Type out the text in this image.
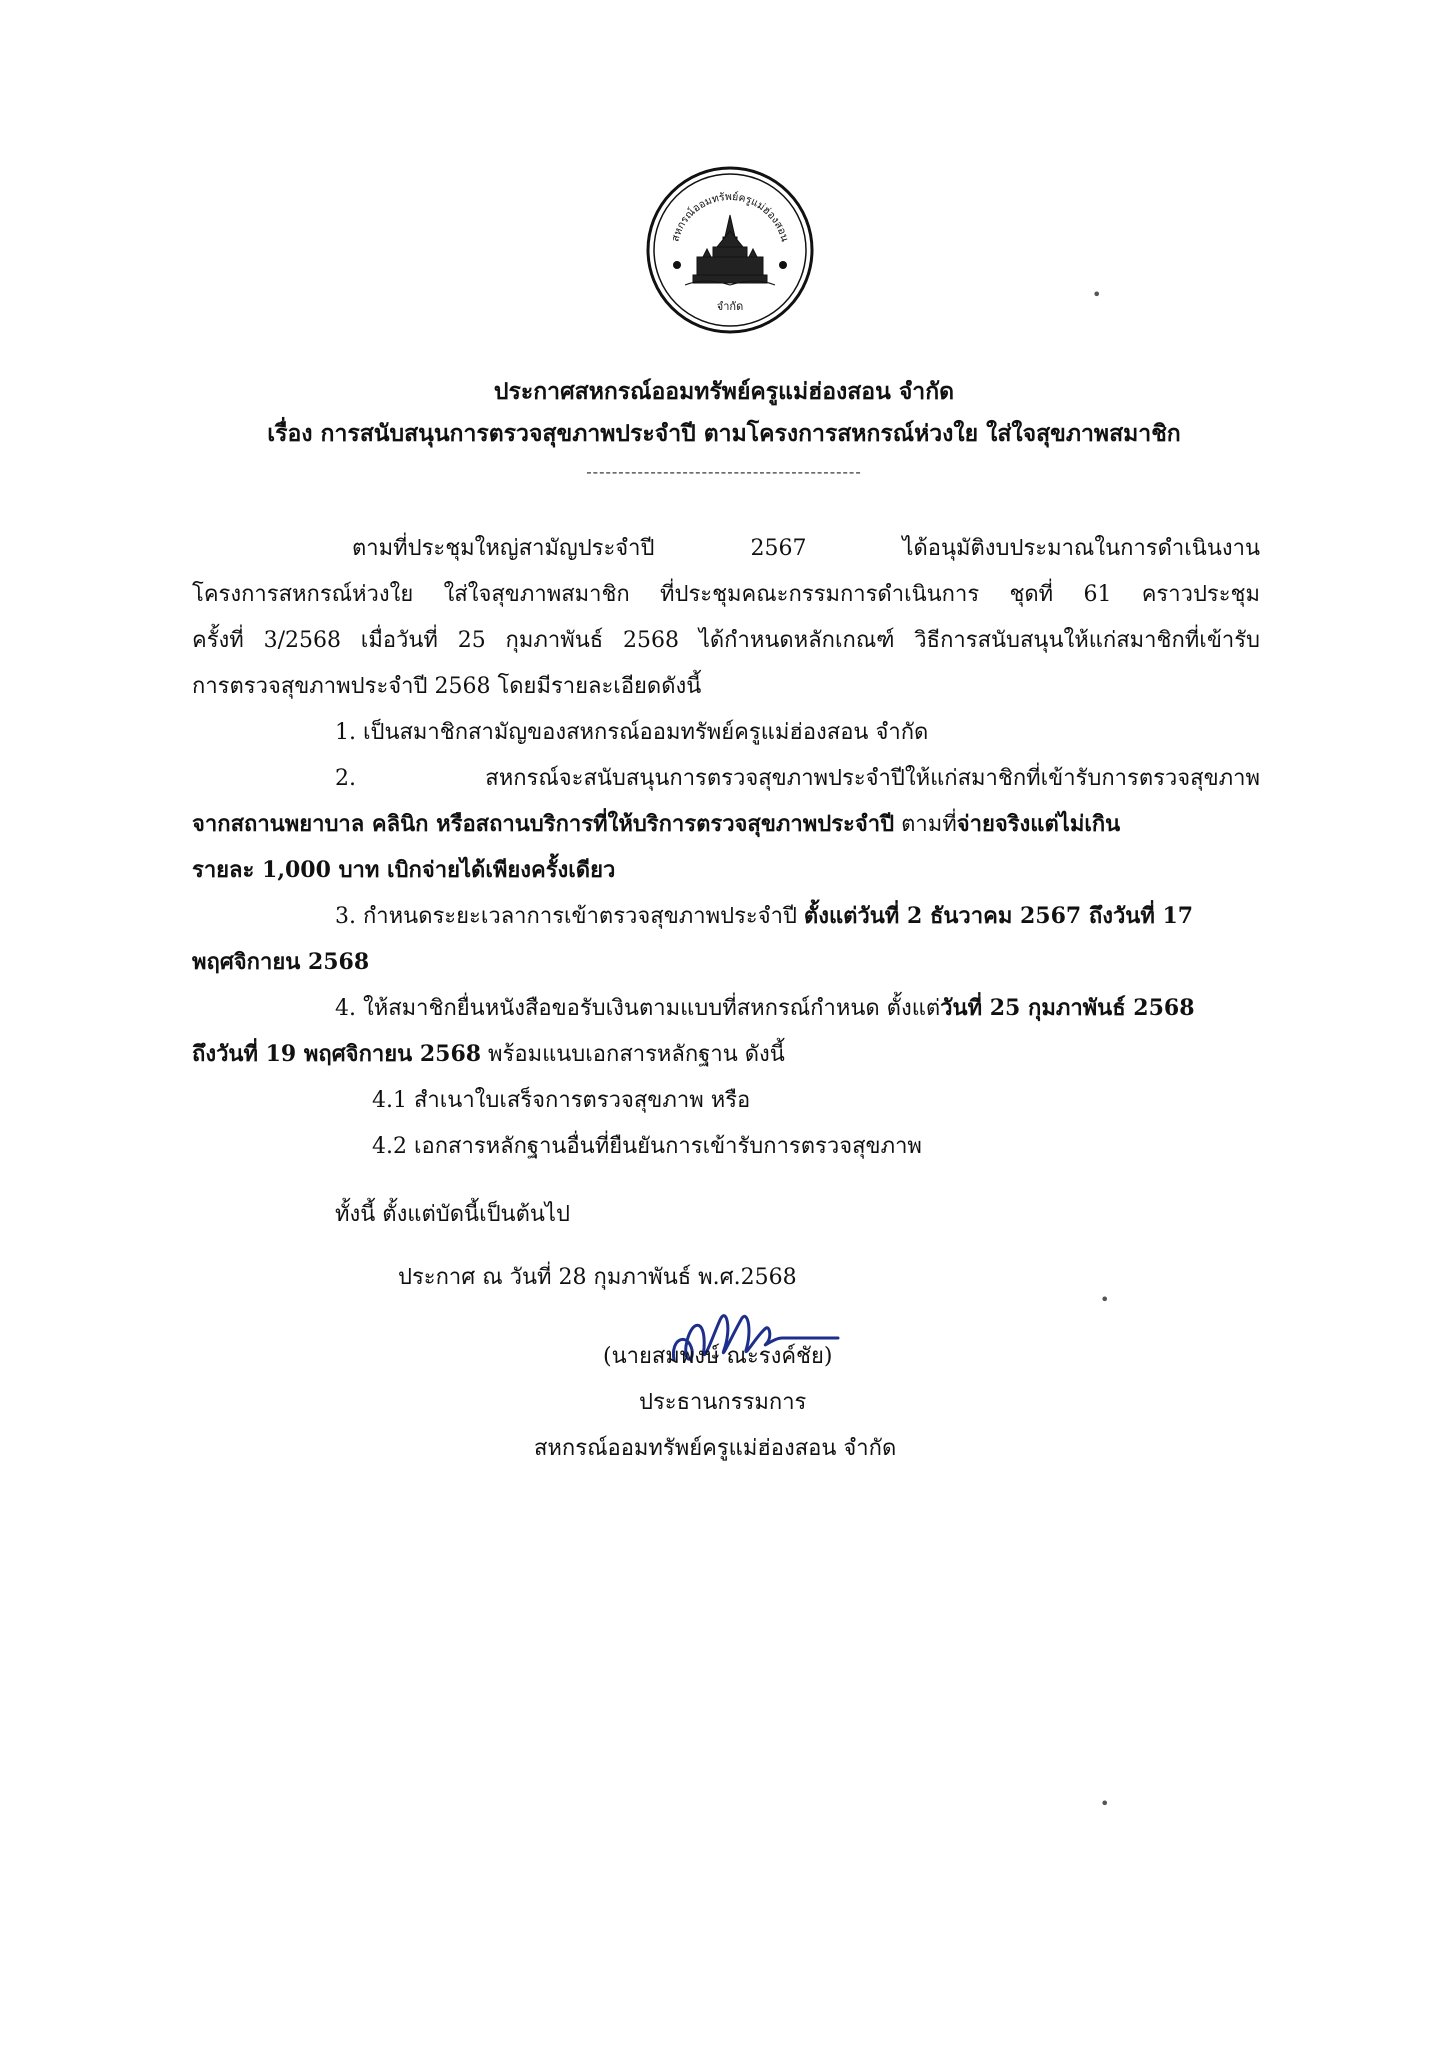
สหกรณ์ออมทรัพย์ครูแม่ฮ่องสอน
จำกัด
ประกาศสหกรณ์ออมทรัพย์ครูแม่ฮ่องสอน จำกัด
เรื่อง การสนับสนุนการตรวจสุขภาพประจำปี ตามโครงการสหกรณ์ห่วงใย ใส่ใจสุขภาพสมาชิก
-------------------------------------------
ตามที่ประชุมใหญ่สามัญประจำปี 2567 ได้อนุมัติงบประมาณในการดำเนินงาน
โครงการสหกรณ์ห่วงใย ใส่ใจสุขภาพสมาชิก ที่ประชุมคณะกรรมการดำเนินการ ชุดที่ 61 คราวประชุม
ครั้งที่ 3/2568 เมื่อวันที่ 25 กุมภาพันธ์ 2568 ได้กำหนดหลักเกณฑ์ วิธีการสนับสนุนให้แก่สมาชิกที่เข้ารับ
การตรวจสุขภาพประจำปี 2568 โดยมีรายละเอียดดังนี้
1. เป็นสมาชิกสามัญของสหกรณ์ออมทรัพย์ครูแม่ฮ่องสอน จำกัด
2. สหกรณ์จะสนับสนุนการตรวจสุขภาพประจำปีให้แก่สมาชิกที่เข้ารับการตรวจสุขภาพ
จากสถานพยาบาล คลินิก หรือสถานบริการที่ให้บริการตรวจสุขภาพประจำปี ตามที่จ่ายจริงแต่ไม่เกิน
รายละ 1,000 บาท เบิกจ่ายได้เพียงครั้งเดียว
3. กำหนดระยะเวลาการเข้าตรวจสุขภาพประจำปี ตั้งแต่วันที่ 2 ธันวาคม 2567 ถึงวันที่ 17
พฤศจิกายน 2568
4. ให้สมาชิกยื่นหนังสือขอรับเงินตามแบบที่สหกรณ์กำหนด ตั้งแต่วันที่ 25 กุมภาพันธ์ 2568
ถึงวันที่ 19 พฤศจิกายน 2568 พร้อมแนบเอกสารหลักฐาน ดังนี้
4.1 สำเนาใบเสร็จการตรวจสุขภาพ หรือ
4.2 เอกสารหลักฐานอื่นที่ยืนยันการเข้ารับการตรวจสุขภาพ
ทั้งนี้ ตั้งแต่บัดนี้เป็นต้นไป
ประกาศ ณ วันที่ 28 กุมภาพันธ์ พ.ศ.2568
(นายสมพงษ์ ณะรงค์ชัย)
ประธานกรรมการ
สหกรณ์ออมทรัพย์ครูแม่ฮ่องสอน จำกัด
•
•
•
